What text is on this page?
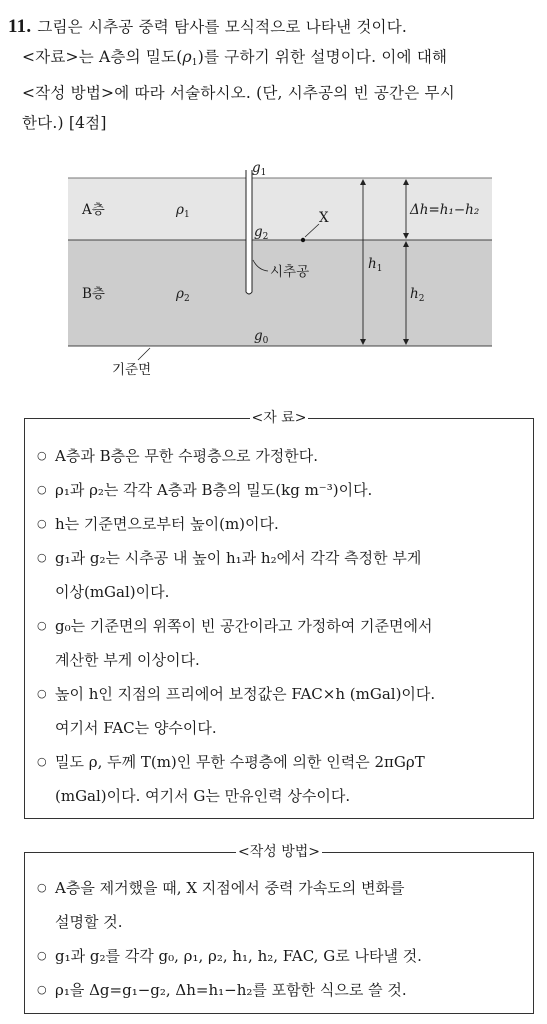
11. 그림은 시추공 중력 탐사를 모식적으로 나타낸 것이다.
<자료>는 A층의 밀도$(\rho_1)$를 구하기 위한 설명이다. 이에 대해
<작성 방법>에 따라 서술하시오. (단, 시추공의 빈 공간은 무시
한다.) [4점]
A층
B층
$\rho_1$
$\rho_2$
$g_1$
$g_2$
$g_0$
X
시추공	$h_1$
$h_2$
Δh=h₁−h₂
기준면
<자 료>
○ A층과 B층은 무한 수평층으로 가정한다.
○ ρ₁과 ρ₂는 각각 A층과 B층의 밀도(kg m⁻³)이다.
○ h는 기준면으로부터 높이(m)이다.
○ g₁과 g₂는 시추공 내 높이 h₁과 h₂에서 각각 측정한 부게
이상(mGal)이다.
○ g₀는 기준면의 위쪽이 빈 공간이라고 가정하여 기준면에서
계산한 부게 이상이다.
○ 높이 h인 지점의 프리에어 보정값은 FAC×h (mGal)이다.
여기서 FAC는 양수이다.
○ 밀도 ρ, 두께 T(m)인 무한 수평층에 의한 인력은 2πGρT
(mGal)이다. 여기서 G는 만유인력 상수이다.
<작성 방법>
○ A층을 제거했을 때, X 지점에서 중력 가속도의 변화를
설명할 것.
○ g₁과 g₂를 각각 g₀, ρ₁, ρ₂, h₁, h₂, FAC, G로 나타낼 것.
○ ρ₁을 Δg=g₁−g₂, Δh=h₁−h₂를 포함한 식으로 쓸 것.
